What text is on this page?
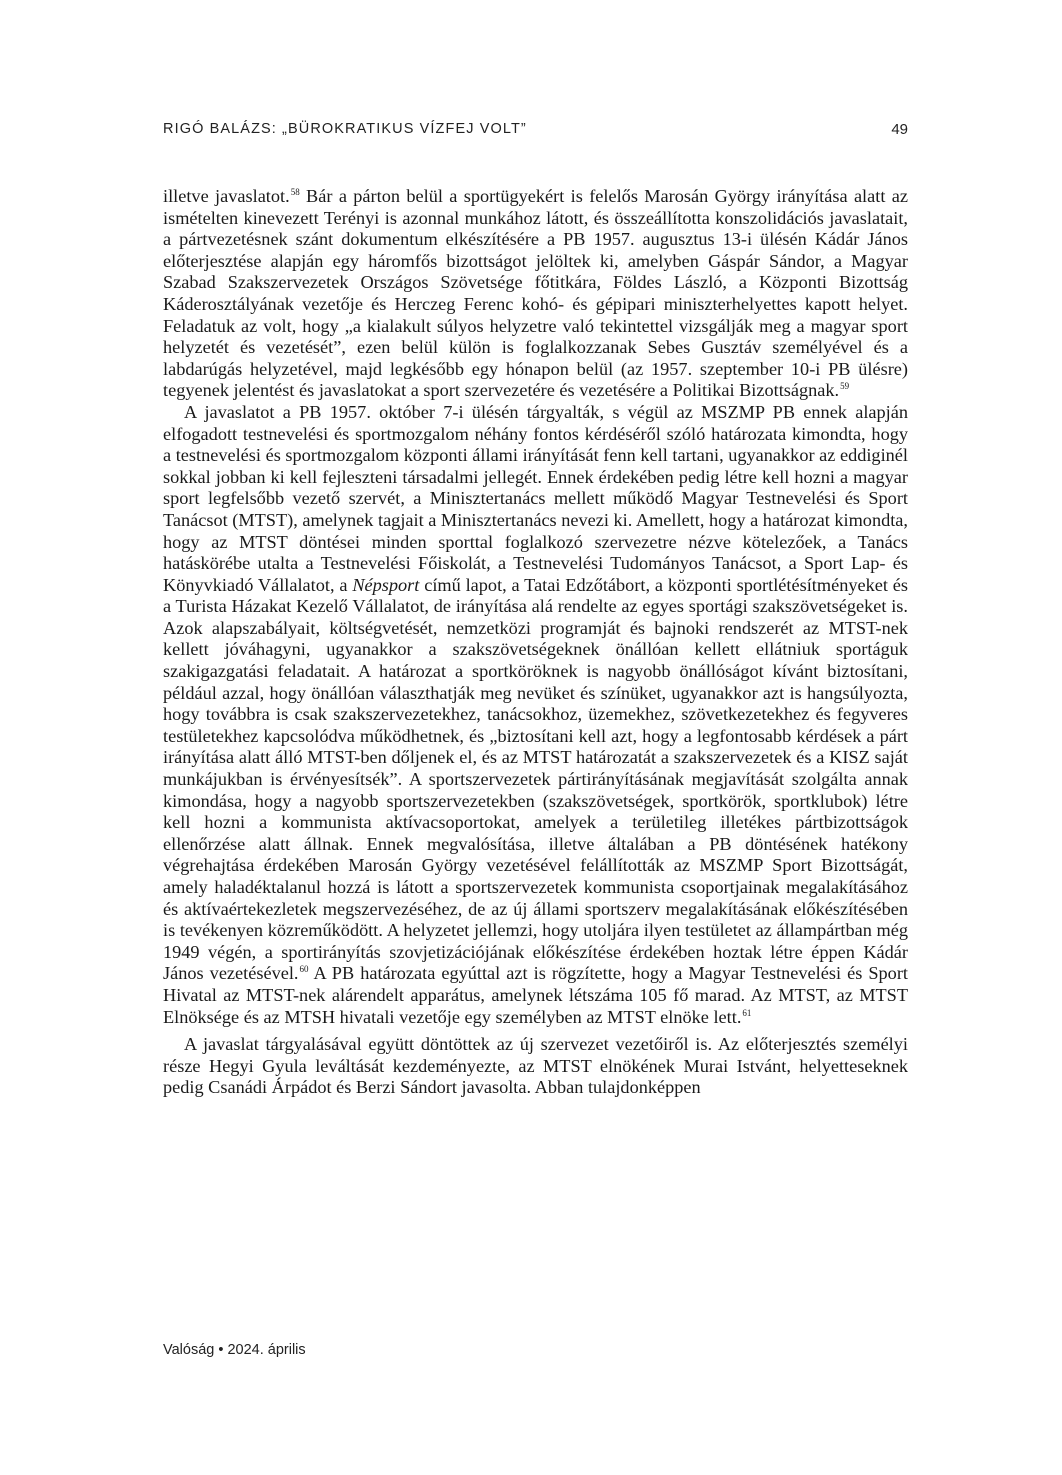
RIGÓ BALÁZS: „BÜROKRATIKUS VÍZFEJ VOLT”	49

illetve javaslatot.$^{58}$ Bár a párton belül a sportügyekért is felelős Marosán György irányítása alatt az ismételten kinevezett Terényi is azonnal munkához látott, és összeállította konszolidációs javaslatait, a pártvezetésnek szánt dokumentum elkészítésére a PB 1957. augusztus 13-i ülésén Kádár János előterjesztése alapján egy háromfős bizottságot jelöltek ki, amelyben Gáspár Sándor, a Magyar Szabad Szakszervezetek Országos Szövetsége főtitkára, Földes László, a Központi Bizottság Káderosztályának vezetője és Herczeg Ferenc kohó- és gépipari miniszterhelyettes kapott helyet. Feladatuk az volt, hogy „a kialakult súlyos helyzetre való tekintettel vizsgálják meg a magyar sport helyzetét és vezetését”, ezen belül külön is foglalkozzanak Sebes Gusztáv személyével és a labdarúgás helyzetével, majd legkésőbb egy hónapon belül (az 1957. szeptember 10-i PB ülésre) tegyenek jelentést és javaslatokat a sport szervezetére és vezetésére a Politikai Bizottságnak.$^{59}$

A javaslatot a PB 1957. október 7-i ülésén tárgyalták, s végül az MSZMP PB ennek alapján elfogadott testnevelési és sportmozgalom néhány fontos kérdéséről szóló határozata kimondta, hogy a testnevelési és sportmozgalom központi állami irányítását fenn kell tartani, ugyanakkor az eddiginél sokkal jobban ki kell fejleszteni társadalmi jellegét. Ennek érdekében pedig létre kell hozni a magyar sport legfelsőbb vezető szervét, a Minisztertanács mellett működő Magyar Testnevelési és Sport Tanácsot (MTST), amelynek tagjait a Minisztertanács nevezi ki. Amellett, hogy a határozat kimondta, hogy az MTST döntései minden sporttal foglalkozó szervezetre nézve kötelezőek, a Tanács hatáskörébe utalta a Testnevelési Főiskolát, a Testnevelési Tudományos Tanácsot, a Sport Lap- és Könyvkiadó Vállalatot, a Népsport című lapot, a Tatai Edzőtábort, a központi sportlétésítményeket és a Turista Házakat Kezelő Vállalatot, de irányítása alá rendelte az egyes sportági szakszövetségeket is. Azok alapszabályait, költségvetését, nemzetközi programját és bajnoki rendszerét az MTST-nek kellett jóváhagyni, ugyanakkor a szakszövetségeknek önállóan kellett ellátniuk sportáguk szakigazgatási feladatait. A határozat a sportköröknek is nagyobb önállóságot kívánt biztosítani, például azzal, hogy önállóan választhatják meg nevüket és színüket, ugyanakkor azt is hangsúlyozta, hogy továbbra is csak szakszervezetekhez, tanácsokhoz, üzemekhez, szövetkezetekhez és fegyveres testületekhez kapcsolódva működhetnek, és „biztosítani kell azt, hogy a legfontosabb kérdések a párt irányítása alatt álló MTST-ben dőljenek el, és az MTST határozatát a szakszervezetek és a KISZ saját munkájukban is érvényesítsék”. A sportszervezetek pártirányításának megjavítását szolgálta annak kimondása, hogy a nagyobb sportszervezetekben (szakszövetségek, sportkörök, sportklubok) létre kell hozni a kommunista aktívacsoportokat, amelyek a területileg illetékes pártbizottságok ellenőrzése alatt állnak. Ennek megvalósítása, illetve általában a PB döntésének hatékony végrehajtása érdekében Marosán György vezetésével felállították az MSZMP Sport Bizottságát, amely haladéktalanul hozzá is látott a sportszervezetek kommunista csoportjainak megalakításához és aktívaértekezletek megszervezéséhez, de az új állami sportszerv megalakításának előkészítésében is tevékenyen közreműködött. A helyzetet jellemzi, hogy utoljára ilyen testületet az állampártban még 1949 végén, a sportirányítás szovjetizációjának előkészítése érdekében hoztak létre éppen Kádár János vezetésével.$^{60}$ A PB határozata egyúttal azt is rögzítette, hogy a Magyar Testnevelési és Sport Hivatal az MTST-nek alárendelt apparátus, amelynek létszáma 105 fő marad. Az MTST, az MTST Elnöksége és az MTSH hivatali vezetője egy személyben az MTST elnöke lett.$^{61}$

A javaslat tárgyalásával együtt döntöttek az új szervezet vezetőiről is. Az előterjesztés személyi része Hegyi Gyula leváltását kezdeményezte, az MTST elnökének Murai Istvánt, helyetteseknek pedig Csanádi Árpádot és Berzi Sándort javasolta. Abban tulajdonképpen

Valóság • 2024. április
